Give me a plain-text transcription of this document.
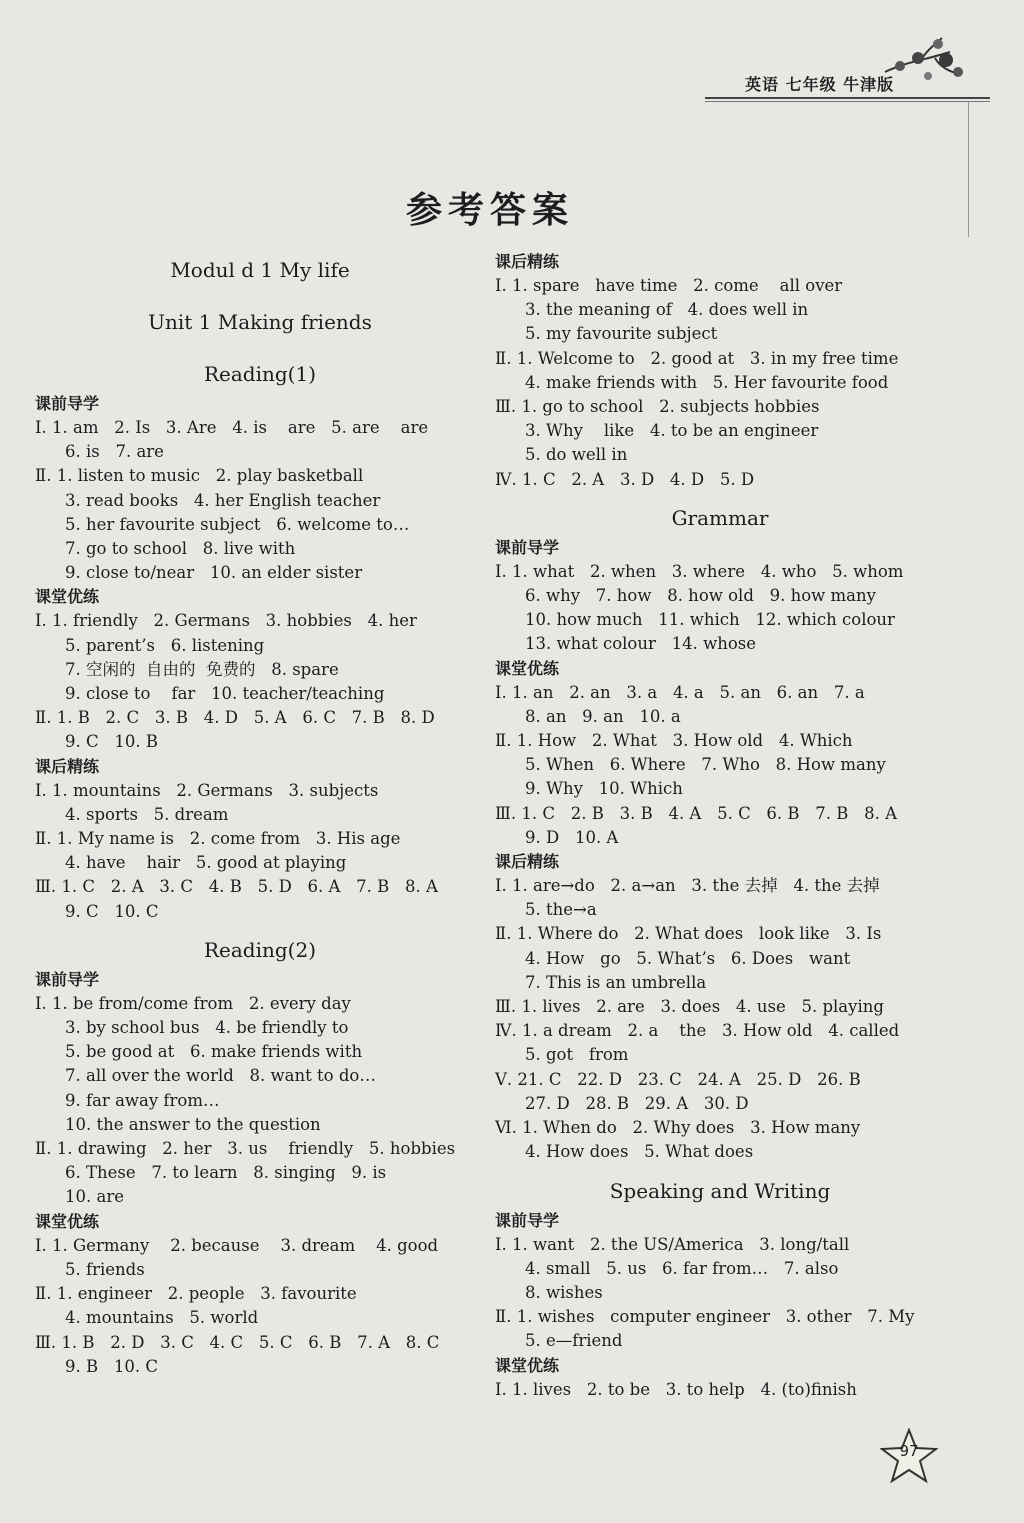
英语 七年级 牛津版
参考答案
Modul d 1 My life
Unit 1 Making friends
Reading(1)
课前导学
Ⅰ. 1. am   2. Is   3. Are   4. is    are   5. are    are
6. is   7. are
Ⅱ. 1. listen to music   2. play basketball
3. read books   4. her English teacher
5. her favourite subject   6. welcome to…
7. go to school   8. live with
9. close to/near   10. an elder sister
课堂优练
Ⅰ. 1. friendly   2. Germans   3. hobbies   4. her
5. parent’s   6. listening
7. 空闲的  自由的  免费的   8. spare
9. close to    far   10. teacher/teaching
Ⅱ. 1. B   2. C   3. B   4. D   5. A   6. C   7. B   8. D
9. C   10. B
课后精练
Ⅰ. 1. mountains   2. Germans   3. subjects
4. sports   5. dream
Ⅱ. 1. My name is   2. come from   3. His age
4. have    hair   5. good at playing
Ⅲ. 1. C   2. A   3. C   4. B   5. D   6. A   7. B   8. A
9. C   10. C
Reading(2)
课前导学
Ⅰ. 1. be from/come from   2. every day
3. by school bus   4. be friendly to
5. be good at   6. make friends with
7. all over the world   8. want to do…
9. far away from…
10. the answer to the question
Ⅱ. 1. drawing   2. her   3. us    friendly   5. hobbies
6. These   7. to learn   8. singing   9. is
10. are
课堂优练
Ⅰ. 1. Germany    2. because    3. dream    4. good
5. friends
Ⅱ. 1. engineer   2. people   3. favourite
4. mountains   5. world
Ⅲ. 1. B   2. D   3. C   4. C   5. C   6. B   7. A   8. C
9. B   10. C
课后精练
Ⅰ. 1. spare   have time   2. come    all over
3. the meaning of   4. does well in
5. my favourite subject
Ⅱ. 1. Welcome to   2. good at   3. in my free time
4. make friends with   5. Her favourite food
Ⅲ. 1. go to school   2. subjects hobbies
3. Why    like   4. to be an engineer
5. do well in
Ⅳ. 1. C   2. A   3. D   4. D   5. D
Grammar
课前导学
Ⅰ. 1. what   2. when   3. where   4. who   5. whom
6. why   7. how   8. how old   9. how many
10. how much   11. which   12. which colour
13. what colour   14. whose
课堂优练
Ⅰ. 1. an   2. an   3. a   4. a   5. an   6. an   7. a
8. an   9. an   10. a
Ⅱ. 1. How   2. What   3. How old   4. Which
5. When   6. Where   7. Who   8. How many
9. Why   10. Which
Ⅲ. 1. C   2. B   3. B   4. A   5. C   6. B   7. B   8. A
9. D   10. A
课后精练
Ⅰ. 1. are→do   2. a→an   3. the 去掉   4. the 去掉
5. the→a
Ⅱ. 1. Where do   2. What does   look like   3. Is
4. How   go   5. What’s   6. Does   want
7. This is an umbrella
Ⅲ. 1. lives   2. are   3. does   4. use   5. playing
Ⅳ. 1. a dream   2. a    the   3. How old   4. called
5. got   from
Ⅴ. 21. C   22. D   23. C   24. A   25. D   26. B
27. D   28. B   29. A   30. D
Ⅵ. 1. When do   2. Why does   3. How many
4. How does   5. What does
Speaking and Writing
课前导学
Ⅰ. 1. want   2. the US/America   3. long/tall
4. small   5. us   6. far from…   7. also
8. wishes
Ⅱ. 1. wishes   computer engineer   3. other   7. My
5. e—friend
课堂优练
Ⅰ. 1. lives   2. to be   3. to help   4. (to)finish
97
